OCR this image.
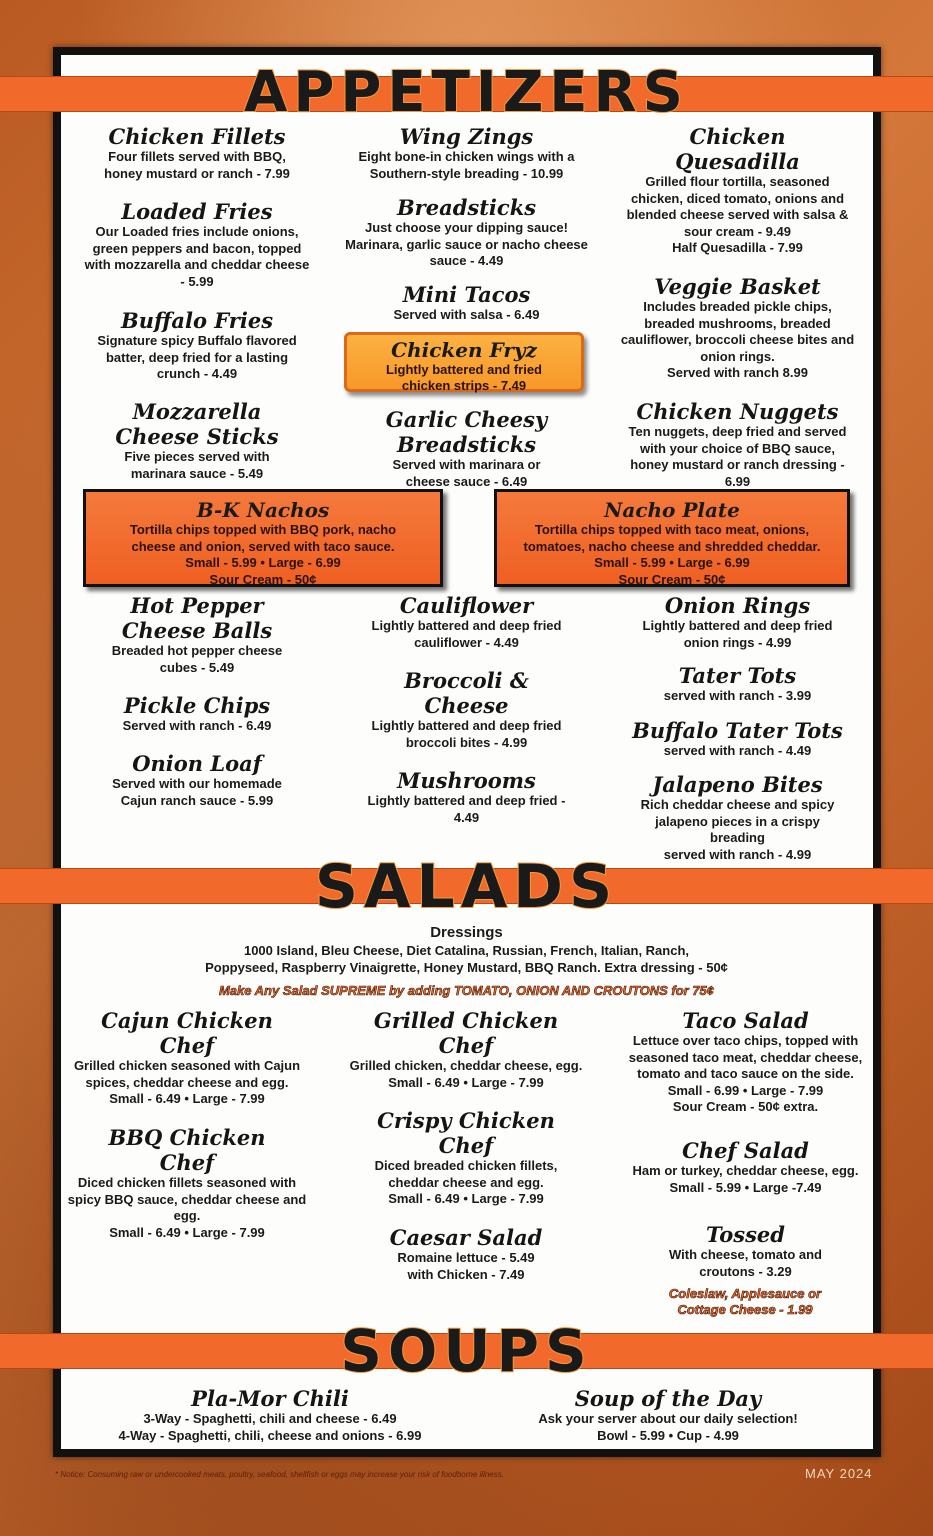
APPETIZERS
Chicken Fillets
Four fillets served with BBQ, honey mustard or ranch - 7.99
Loaded Fries
Our Loaded fries include onions, green peppers and bacon, topped with mozzarella and cheddar cheese - 5.99
Buffalo Fries
Signature spicy Buffalo flavored batter, deep fried for a lasting crunch - 4.49
Mozzarella Cheese Sticks
Five pieces served with marinara sauce - 5.49
Hot Pepper Cheese Balls
Breaded hot pepper cheese cubes - 5.49
Pickle Chips
Served with ranch - 6.49
Onion Loaf
Served with our homemade Cajun ranch sauce - 5.99
Wing Zings
Eight bone-in chicken wings with a Southern-style breading - 10.99
Breadsticks
Just choose your dipping sauce! Marinara, garlic sauce or nacho cheese sauce - 4.49
Mini Tacos
Served with salsa - 6.49
Chicken Fryz
Lightly battered and fried chicken strips - 7.49
Garlic Cheesy Breadsticks
Served with marinara or cheese sauce - 6.49
Cauliflower
Lightly battered and deep fried cauliflower - 4.49
Broccoli & Cheese
Lightly battered and deep fried broccoli bites - 4.99
Mushrooms
Lightly battered and deep fried - 4.49
Chicken Quesadilla
Grilled flour tortilla, seasoned chicken, diced tomato, onions and blended cheese served with salsa & sour cream - 9.49
Half Quesadilla - 7.99
Veggie Basket
Includes breaded pickle chips, breaded mushrooms, breaded cauliflower, broccoli cheese bites and onion rings.
Served with ranch 8.99
Chicken Nuggets
Ten nuggets, deep fried and served with your choice of BBQ sauce, honey mustard or ranch dressing - 6.99
Onion Rings
Lightly battered and deep fried onion rings - 4.99
Tater Tots
served with ranch - 3.99
Buffalo Tater Tots
served with ranch - 4.49
Jalapeno Bites
Rich cheddar cheese and spicy jalapeno pieces in a crispy breading
served with ranch - 4.99
B-K Nachos
Tortilla chips topped with BBQ pork, nacho cheese and onion, served with taco sauce.
Small - 5.99 • Large - 6.99
Sour Cream - 50¢
Nacho Plate
Tortilla chips topped with taco meat, onions, tomatoes, nacho cheese and shredded cheddar.
Small - 5.99 • Large - 6.99
Sour Cream - 50¢
SALADS
Dressings
1000 Island, Bleu Cheese, Diet Catalina, Russian, French, Italian, Ranch,
Poppyseed, Raspberry Vinaigrette, Honey Mustard, BBQ Ranch. Extra dressing - 50¢
Make Any Salad SUPREME by adding TOMATO, ONION AND CROUTONS for 75¢
Cajun Chicken Chef
Grilled chicken seasoned with Cajun spices, cheddar cheese and egg.
Small - 6.49 • Large - 7.99
BBQ Chicken Chef
Diced chicken fillets seasoned with spicy BBQ sauce, cheddar cheese and egg.
Small - 6.49 • Large - 7.99
Grilled Chicken Chef
Grilled chicken, cheddar cheese, egg.
Small - 6.49 • Large - 7.99
Crispy Chicken Chef
Diced breaded chicken fillets, cheddar cheese and egg.
Small - 6.49 • Large - 7.99
Caesar Salad
Romaine lettuce - 5.49
with Chicken - 7.49
Taco Salad
Lettuce over taco chips, topped with seasoned taco meat, cheddar cheese, tomato and taco sauce on the side.
Small - 6.99 • Large - 7.99
Sour Cream - 50¢ extra.
Chef Salad
Ham or turkey, cheddar cheese, egg.
Small - 5.99 • Large -7.49
Tossed
With cheese, tomato and croutons - 3.29
Coleslaw, Applesauce or
Cottage Cheese - 1.99
SOUPS
Pla-Mor Chili
3-Way - Spaghetti, chili and cheese - 6.49
4-Way - Spaghetti, chili, cheese and onions - 6.99
Soup of the Day
Ask your server about our daily selection!
Bowl - 5.99 • Cup - 4.99
* Notice: Consuming raw or undercooked meats, poultry, seafood, shellfish or eggs may increase your risk of foodborne illness.	MAY 2024
